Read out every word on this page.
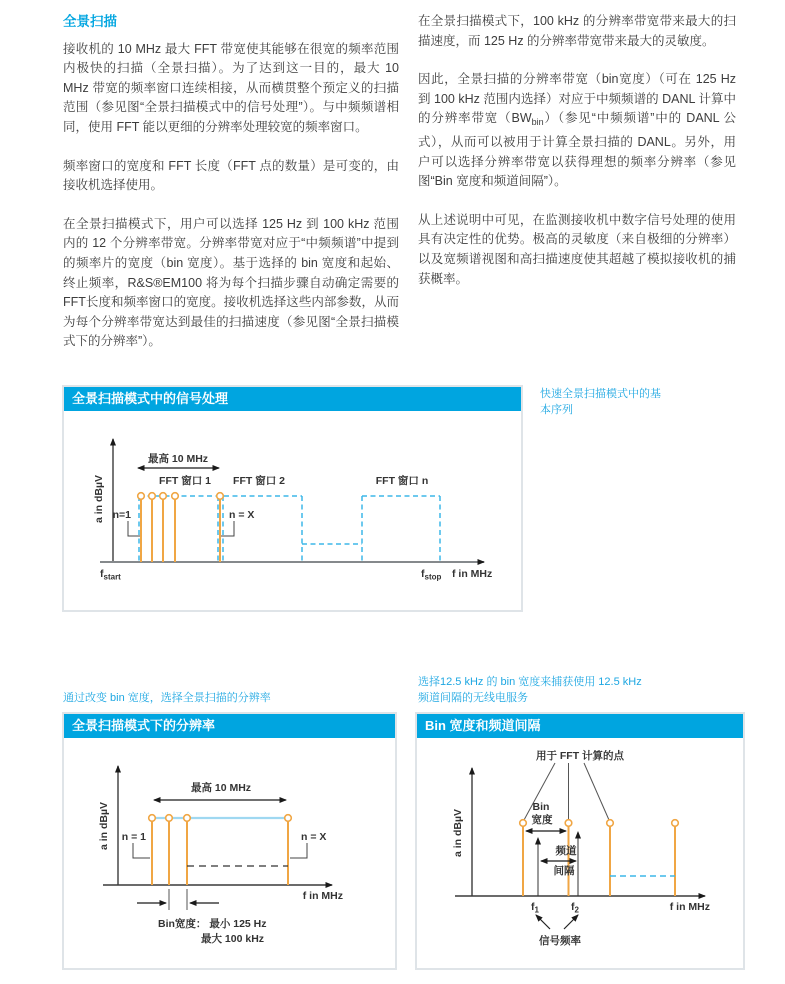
全景扫描

接收机的 10 MHz 最大 FFT 带宽使其能够在很宽的频率范围内极快的扫描（全景扫描）。为了达到这一目的，最大 10 MHz 带宽的频率窗口连续相接，从而横贯整个预定义的扫描范围（参见图“全景扫描模式中的信号处理”）。与中频频谱相同，使用 FFT 能以更细的分辨率处理较宽的频率窗口。

频率窗口的宽度和 FFT 长度（FFT 点的数量）是可变的，由接收机选择使用。

在全景扫描模式下，用户可以选择 125 Hz 到 100 kHz 范围内的 12 个分辨率带宽。分辨率带宽对应于“中频频谱”中提到的频率片的宽度（bin 宽度）。基于选择的 bin 宽度和起始、终止频率，R&S®EM100 将为每个扫描步骤自动确定需要的FFT长度和频率窗口的宽度。接收机选择这些内部参数，从而为每个分辨率带宽达到最佳的扫描速度（参见图“全景扫描模式下的分辨率”）。

在全景扫描模式下，100 kHz 的分辨率带宽带来最大的扫描速度，而 125 Hz 的分辨率带宽带来最大的灵敏度。

因此，全景扫描的分辨率带宽（bin宽度）（可在 125 Hz 到 100 kHz 范围内选择）对应于中频频谱的 DANL 计算中的分辨率带宽$(BW_{bin})$（参见“中频频谱”中的 DANL 公式），从而可以被用于计算全景扫描的 DANL。另外，用户可以选择分辨率带宽以获得理想的频率分辨率（参见图“Bin 宽度和频道间隔”）。

从上述说明中可见，在监测接收机中数字信号处理的使用具有决定性的优势。极高的灵敏度（来自极细的分辨率）以及宽频谱视图和高扫描速度使其超越了模拟接收机的捕获概率。

全景扫描模式中的信号处理
a in dBµV
最高 10 MHz
FFT 窗口 1 FFT 窗口 2	FFT 窗口 n
n=1	n = X
$f_{start}$	$f_{stop}$ f in MHz
快速全景扫描模式中的基
本序列
通过改变 bin 宽度，选择全景扫描的分辨率
全景扫描模式下的分辨率
a in dBµV
最高 10 MHz
n = 1	n = X
Bin宽度： 最小 125 Hz
最大 100 kHz
f in MHz
选择12.5 kHz 的 bin 宽度来捕获使用 12.5 kHz
频道间隔的无线电服务
Bin 宽度和频道间隔
a in dBµV
用于 FFT 计算的点
Bin
宽度
频道
间隔
$f_1$	$f_2$	f in MHz
信号频率
